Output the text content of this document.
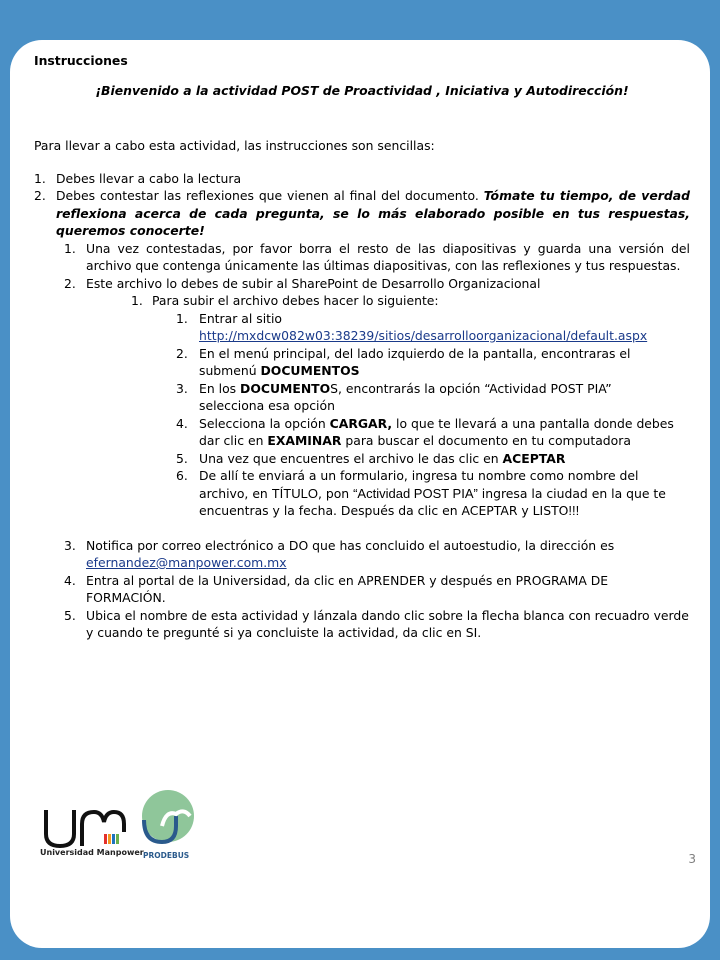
Instrucciones

¡Bienvenido a la actividad POST de Proactividad , Iniciativa y Autodirección!

Para llevar a cabo esta actividad, las instrucciones son sencillas:

1. Debes llevar a cabo la lectura
2. Debes contestar las reflexiones que vienen al final del documento. Tómate tu tiempo, de verdad reflexiona acerca de cada pregunta, se lo más elaborado posible en tus respuestas, queremos conocerte!
1. Una vez contestadas, por favor borra el resto de las diapositivas y guarda una versión del archivo que contenga únicamente las últimas diapositivas, con las reflexiones y tus respuestas.
2. Este archivo lo debes de subir al SharePoint de Desarrollo Organizacional
1. Para subir el archivo debes hacer lo siguiente:
1. Entrar al sitio
http://mxdcw082w03:38239/sitios/desarrolloorganizacional/default.aspx
2. En el menú principal, del lado izquierdo de la pantalla, encontraras el submenú DOCUMENTOS
3. En los DOCUMENTOS, encontrarás la opción “Actividad POST PIA” selecciona esa opción
4. Selecciona la opción CARGAR, lo que te llevará a una pantalla donde debes dar clic en EXAMINAR para buscar el documento en tu computadora
5. Una vez que encuentres el archivo le das clic en ACEPTAR
6. De allí te enviará a un formulario, ingresa tu nombre como nombre del archivo, en TÍTULO, pon “Actividad POST PIA” ingresa la ciudad en la que te encuentras y la fecha. Después da clic en ACEPTAR y LISTO!!!
3. Notifica por correo electrónico a DO que has concluido el autoestudio, la dirección es
efernandez@manpower.com.mx
4. Entra al portal de la Universidad, da clic en APRENDER y después en PROGRAMA DE FORMACIÓN.
5. Ubica el nombre de esta actividad y lánzala dando clic sobre la flecha blanca con recuadro verde y cuando te pregunté si ya concluiste la actividad, da clic en SI.
3
Universidad Manpower PRODEBUS
